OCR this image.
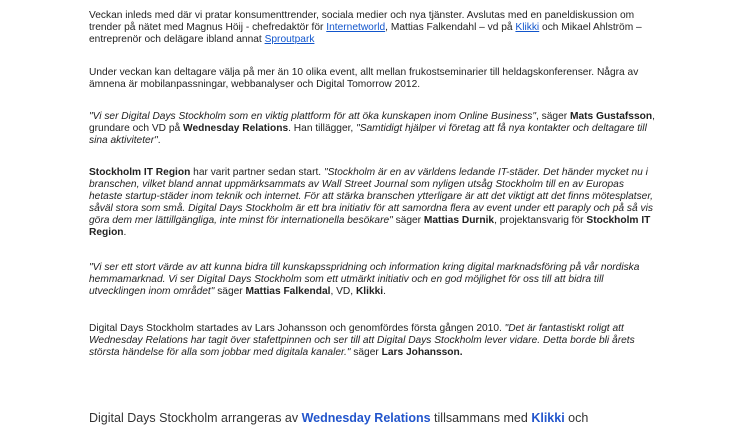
Veckan inleds med där vi pratar konsumenttrender, sociala medier och nya tjänster. Avslutas med en paneldiskussion om trender på nätet med Magnus Höij - chefredaktör för Internetworld, Mattias Falkendahl – vd på Klikki och Mikael Ahlström – entreprenör och delägare ibland annat Sproutpark

Under veckan kan deltagare välja på mer än 10 olika event, allt mellan frukostseminarier till heldagskonferenser. Några av ämnena är mobilanpassningar, webbanalyser och Digital Tomorrow 2012.

"Vi ser Digital Days Stockholm som en viktig plattform för att öka kunskapen inom Online Business", säger Mats Gustafsson, grundare och VD på Wednesday Relations. Han tillägger, "Samtidigt hjälper vi företag att få nya kontakter och deltagare till sina aktiviteter".

Stockholm IT Region har varit partner sedan start. "Stockholm är en av världens ledande IT-städer. Det händer mycket nu i branschen, vilket bland annat uppmärksammats av Wall Street Journal som nyligen utsåg Stockholm till en av Europas hetaste startup-städer inom teknik och internet. För att stärka branschen ytterligare är att det viktigt att det finns mötesplatser, såväl stora som små. Digital Days Stockholm är ett bra initiativ för att samordna flera av event under ett paraply och på så vis göra dem mer lättillgängliga, inte minst för internationella besökare" säger Mattias Durnik, projektansvarig för Stockholm IT Region.

"Vi ser ett stort värde av att kunna bidra till kunskapsspridning och information kring digital marknadsföring på vår nordiska hemmamarknad. Vi ser Digital Days Stockholm som ett utmärkt initiativ och en god möjlighet för oss till att bidra till utvecklingen inom området" säger Mattias Falkendal, VD, Klikki.

Digital Days Stockholm startades av Lars Johansson och genomfördes första gången 2010. "Det är fantastiskt roligt att Wednesday Relations har tagit över stafettpinnen och ser till att Digital Days Stockholm lever vidare. Detta borde bli årets största händelse för alla som jobbar med digitala kanaler." säger Lars Johansson.

Digital Days Stockholm arrangeras av Wednesday Relations tillsammans med Klikki och
